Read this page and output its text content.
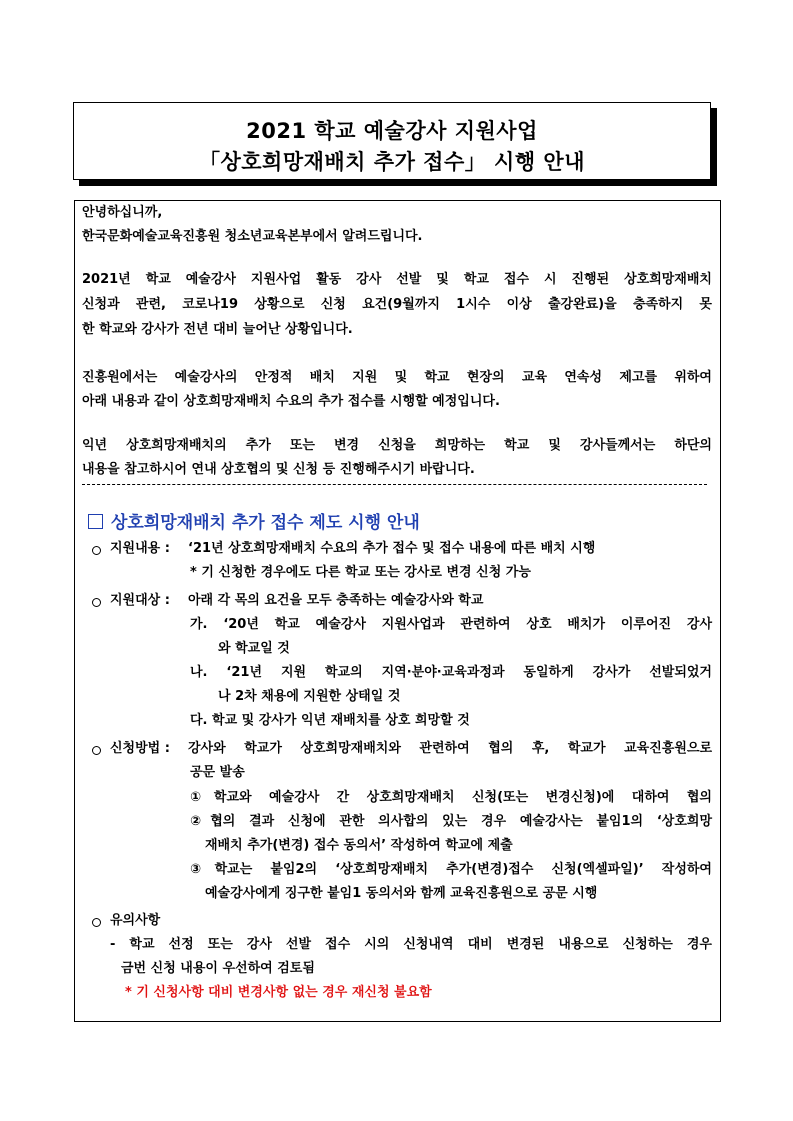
2021 학교 예술강사 지원사업
「상호희망재배치 추가 접수」 시행 안내
안녕하십니까,
한국문화예술교육진흥원 청소년교육본부에서 알려드립니다.
2021년 학교 예술강사 지원사업 활동 강사 선발 및 학교 접수 시 진행된 상호희망재배치
신청과 관련, 코로나19 상황으로 신청 요건(9월까지 1시수 이상 출강완료)을 충족하지 못
한 학교와 강사가 전년 대비 늘어난 상황입니다.
진흥원에서는 예술강사의 안정적 배치 지원 및 학교 현장의 교육 연속성 제고를 위하여
아래 내용과 같이 상호희망재배치 수요의 추가 접수를 시행할 예정입니다.
익년 상호희망재배치의 추가 또는 변경 신청을 희망하는 학교 및 강사들께서는 하단의
내용을 참고하시어 연내 상호협의 및 신청 등 진행해주시기 바랍니다.
상호희망재배치 추가 접수 제도 시행 안내
지원내용 : ‘21년 상호희망재배치 수요의 추가 접수 및 접수 내용에 따른 배치 시행
* 기 신청한 경우에도 다른 학교 또는 강사로 변경 신청 가능
지원대상 : 아래 각 목의 요건을 모두 충족하는 예술강사와 학교
가. ‘20년 학교 예술강사 지원사업과 관련하여 상호 배치가 이루어진 강사
와 학교일 것
나. ‘21년 지원 학교의 지역·분야·교육과정과 동일하게 강사가 선발되었거
나 2차 채용에 지원한 상태일 것
다. 학교 및 강사가 익년 재배치를 상호 희망할 것
신청방법 : 강사와 학교가 상호희망재배치와 관련하여 협의 후, 학교가 교육진흥원으로
공문 발송
①학교와 예술강사 간 상호희망재배치 신청(또는 변경신청)에 대하여 협의
②협의 결과 신청에 관한 의사합의 있는 경우 예술강사는 붙임1의 ‘상호희망
재배치 추가(변경) 접수 동의서’ 작성하여 학교에 제출
③학교는 붙임2의 ‘상호희망재배치 추가(변경)접수 신청(엑셀파일)’ 작성하여
예술강사에게 징구한 붙임1 동의서와 함께 교육진흥원으로 공문 시행
유의사항
- 학교 선정 또는 강사 선발 접수 시의 신청내역 대비 변경된 내용으로 신청하는 경우
금번 신청 내용이 우선하여 검토됨
* 기 신청사항 대비 변경사항 없는 경우 재신청 불요함
